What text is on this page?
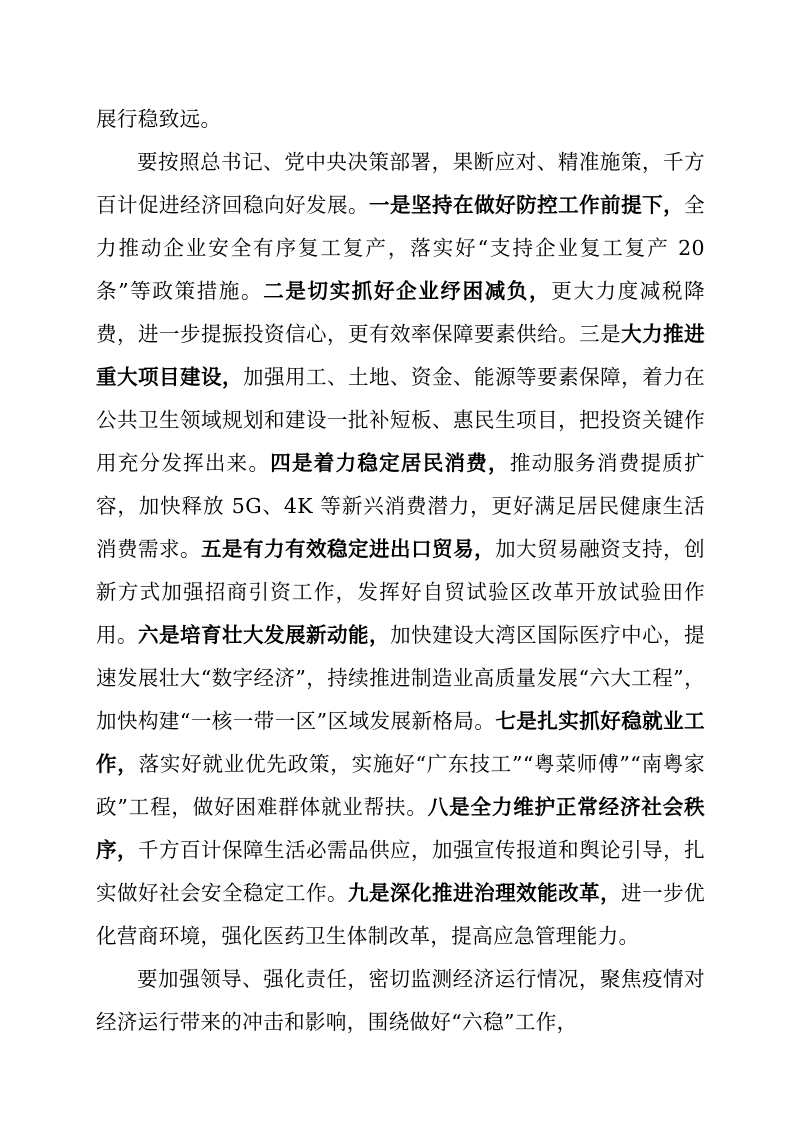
展行稳致远。

要按照总书记、党中央决策部署，果断应对、精准施策，千方百计促进经济回稳向好发展。一是坚持在做好防控工作前提下，全力推动企业安全有序复工复产，落实好“支持企业复工复产 20 条”等政策措施。二是切实抓好企业纾困减负，更大力度减税降费，进一步提振投资信心，更有效率保障要素供给。三是大力推进重大项目建设，加强用工、土地、资金、能源等要素保障，着力在公共卫生领域规划和建设一批补短板、惠民生项目，把投资关键作用充分发挥出来。四是着力稳定居民消费，推动服务消费提质扩容，加快释放 5G、4K 等新兴消费潜力，更好满足居民健康生活消费需求。五是有力有效稳定进出口贸易，加大贸易融资支持，创新方式加强招商引资工作，发挥好自贸试验区改革开放试验田作用。六是培育壮大发展新动能，加快建设大湾区国际医疗中心，提速发展壮大“数字经济”，持续推进制造业高质量发展“六大工程”，加快构建“一核一带一区”区域发展新格局。七是扎实抓好稳就业工作，落实好就业优先政策，实施好“广东技工”“粤菜师傅”“南粤家政”工程，做好困难群体就业帮扶。八是全力维护正常经济社会秩序，千方百计保障生活必需品供应，加强宣传报道和舆论引导，扎实做好社会安全稳定工作。九是深化推进治理效能改革，进一步优化营商环境，强化医药卫生体制改革，提高应急管理能力。

要加强领导、强化责任，密切监测经济运行情况，聚焦疫情对经济运行带来的冲击和影响，围绕做好“六稳”工作，
